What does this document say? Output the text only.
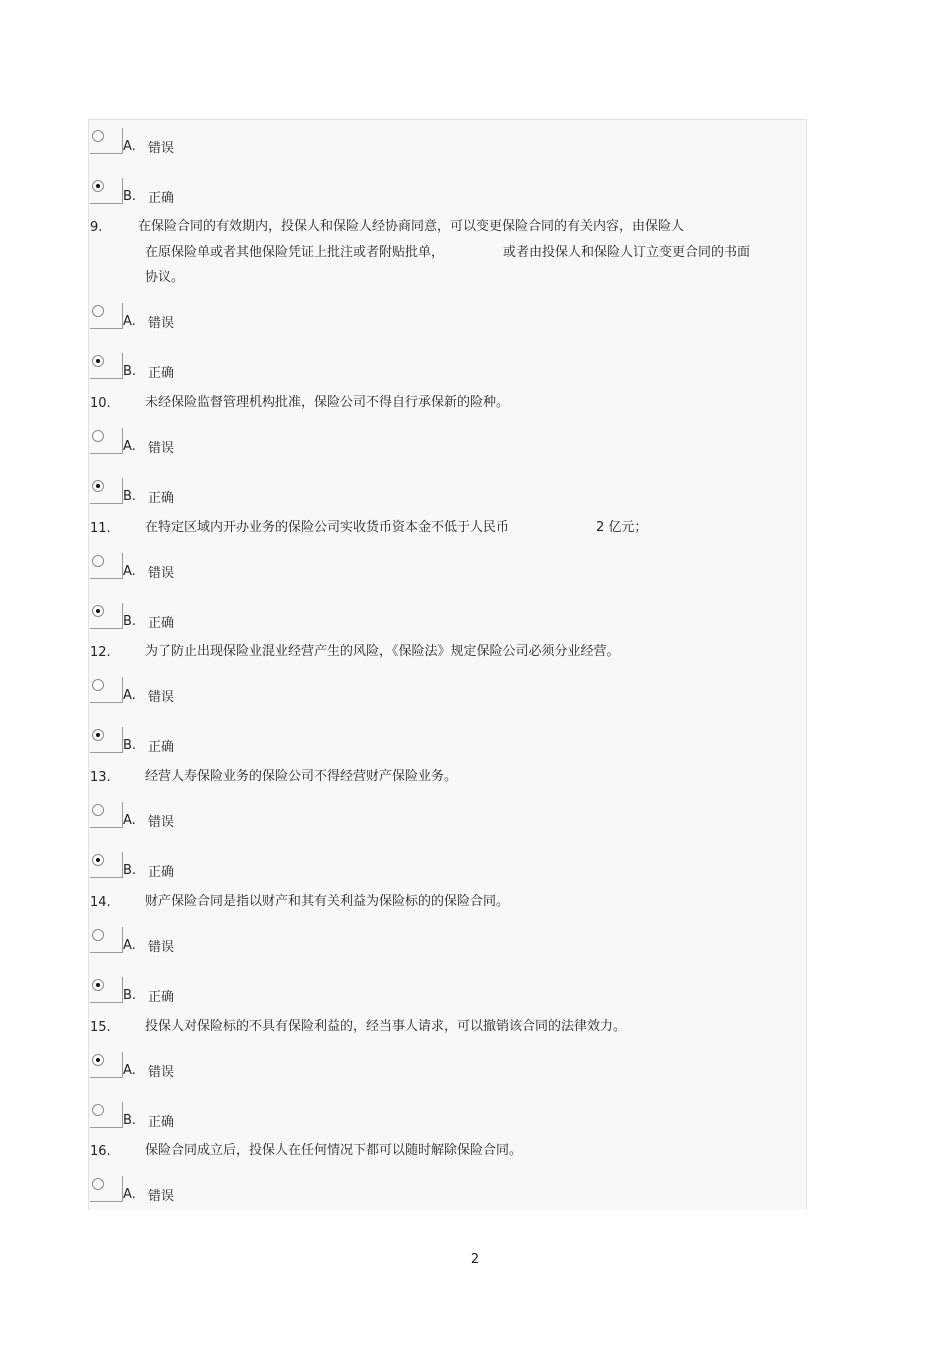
A. 错误
B. 正确
9.	在保险合同的有效期内，投保人和保险人经协商同意，可以变更保险合同的有关内容，由保险人
在原保险单或者其他保险凭证上批注或者附贴批单，	或者由投保人和保险人订立变更合同的书面
协议。
A. 错误
B. 正确
10.	未经保险监督管理机构批准，保险公司不得自行承保新的险种。
A. 错误
B. 正确
11.	在特定区域内开办业务的保险公司实收货币资本金不低于人民币	2 亿元；
A. 错误
B. 正确
12.	为了防止出现保险业混业经营产生的风险，《保险法》规定保险公司必须分业经营。
A. 错误
B. 正确
13.	经营人寿保险业务的保险公司不得经营财产保险业务。
A. 错误
B. 正确
14.	财产保险合同是指以财产和其有关利益为保险标的的保险合同。
A. 错误
B. 正确
15.	投保人对保险标的不具有保险利益的，经当事人请求，可以撤销该合同的法律效力。
A. 错误
B. 正确
16.	保险合同成立后，投保人在任何情况下都可以随时解除保险合同。
A. 错误
2
